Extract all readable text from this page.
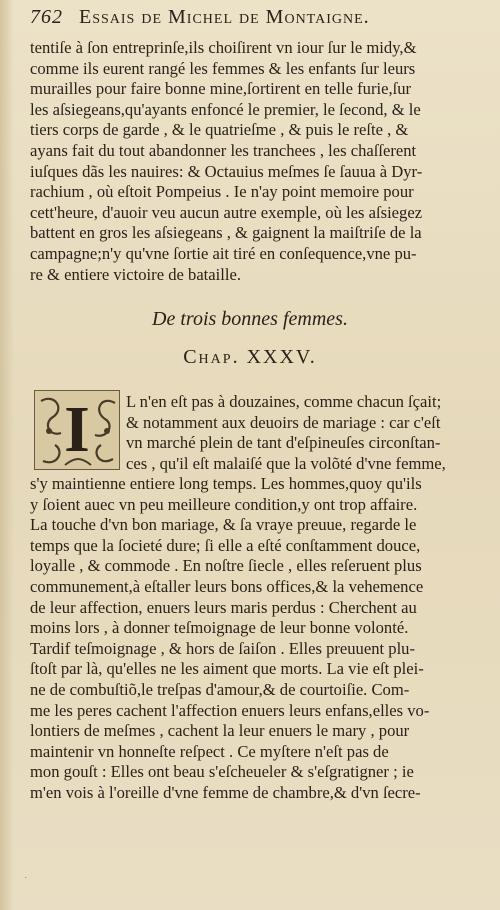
762 Essais de Michel de Montaigne.
tentiſe à ſon entreprinſe,ils choiſirent vn iour ſur le midy,&
comme ils eurent rangé les femmes & les enfants ſur leurs
murailles pour faire bonne mine,ſortirent en telle furie,ſur
les aſsiegeans,qu'ayants enfoncé le premier, le ſecond, & le
tiers corps de garde , & le quatrieſme , & puis le reſte , &
ayans fait du tout abandonner les tranchees , les chaſſerent
iuſques dãs les nauires: & Octauius meſmes ſe ſauua à Dyr-
rachium , où eſtoit Pompeius . Ie n'ay point memoire pour
cett'heure, d'auoir veu aucun autre exemple, où les aſsiegez
battent en gros les aſsiegeans , & gaignent la maiſtriſe de la
campagne;n'y qu'vne ſortie ait tiré en conſequence,vne pu-
re & entiere victoire de bataille.
De trois bonnes femmes.
Chap. XXXV.
I L n'en eſt pas à douzaines, comme chacun ſçait;
& notamment aux deuoirs de mariage : car c'eſt
vn marché plein de tant d'eſpineuſes circonſtan-
ces , qu'il eſt malaiſé que la volõté d'vne femme,
s'y maintienne entiere long temps. Les hommes,quoy qu'ils
y ſoient auec vn peu meilleure condition,y ont trop affaire.
La touche d'vn bon mariage, & ſa vraye preuue, regarde le
temps que la ſocieté dure; ſi elle a eſté conſtamment douce,
loyalle , & commode . En noſtre ſiecle , elles reſeruent plus
communement,à eſtaller leurs bons offices,& la vehemence
de leur affection, enuers leurs maris perdus : Cherchent au
moins lors , à donner teſmoignage de leur bonne volonté.
Tardif teſmoignage , & hors de ſaiſon . Elles preuuent plu-
ſtoſt par là, qu'elles ne les aiment que morts. La vie eſt plei-
ne de combuſtiõ,le treſpas d'amour,& de courtoiſie. Com-
me les peres cachent l'affection enuers leurs enfans,elles vo-
lontiers de meſmes , cachent la leur enuers le mary , pour
maintenir vn honneſte reſpect . Ce myſtere n'eſt pas de
mon gouſt : Elles ont beau s'eſcheueler & s'eſgratigner ; ie
m'en vois à l'oreille d'vne femme de chambre,& d'vn ſecre-
˙
